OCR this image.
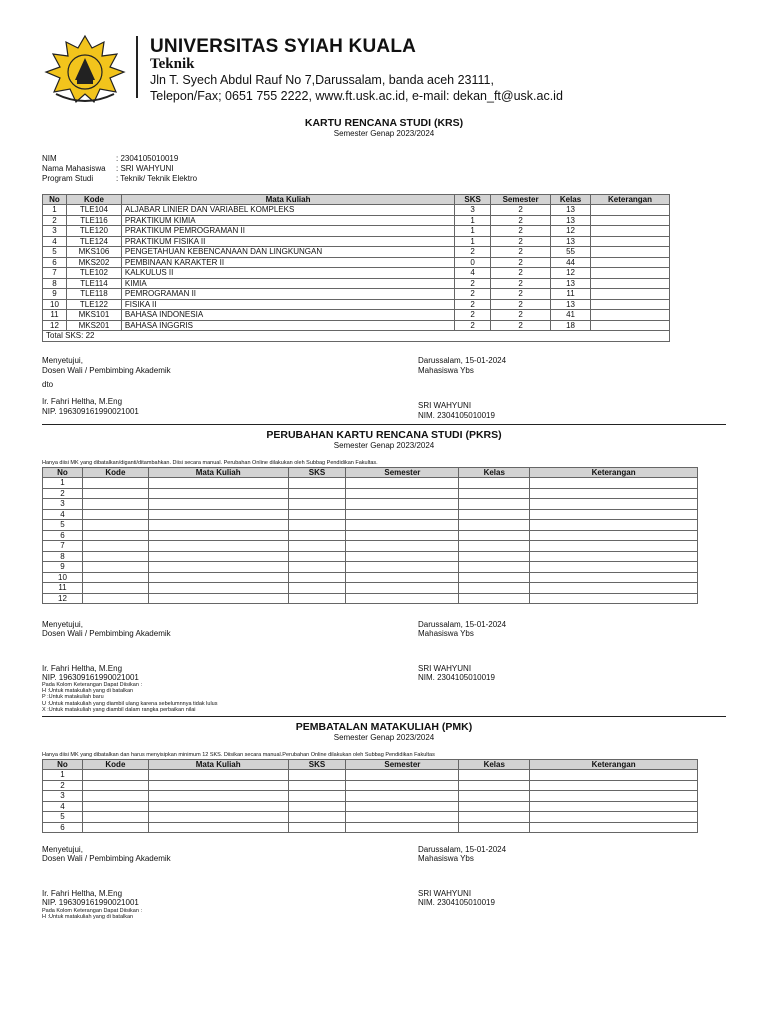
UNIVERSITAS SYIAH KUALA
Teknik
Jln T. Syech Abdul Rauf No 7,Darussalam, banda aceh 23111,
Telepon/Fax; 0651 755 2222, www.ft.usk.ac.id, e-mail: dekan_ft@usk.ac.id
KARTU RENCANA STUDI (KRS)
Semester Genap 2023/2024
NIM	: 2304105010019
Nama Mahasiswa	: SRI WAHYUNI
Program Studi	: Teknik/ Teknik Elektro
No	Kode	Mata Kuliah	SKS	Semester	Kelas	Keterangan
1	TLE104	ALJABAR LINIER DAN VARIABEL KOMPLEKS	3	2	13	
2	TLE116	PRAKTIKUM KIMIA	1	2	13	
3	TLE120	PRAKTIKUM PEMROGRAMAN II	1	2	12	
4	TLE124	PRAKTIKUM FISIKA II	1	2	13	
5	MKS106	PENGETAHUAN KEBENCANAAN DAN LINGKUNGAN	2	2	55	
6	MKS202	PEMBINAAN KARAKTER II	0	2	44	
7	TLE102	KALKULUS II	4	2	12	
8	TLE114	KIMIA	2	2	13	
9	TLE118	PEMROGRAMAN II	2	2	11	
10	TLE122	FISIKA II	2	2	13	
11	MKS101	BAHASA INDONESIA	2	2	41	
12	MKS201	BAHASA INGGRIS	2	2	18	
Total SKS: 22						
Menyetujui,
Dosen Wali / Pembimbing Akademik
dto
Ir. Fahri Heltha, M.Eng
NIP. 196309161990021001
Darussalam, 15-01-2024
Mahasiswa Ybs
SRI WAHYUNI
NIM. 2304105010019
PERUBAHAN KARTU RENCANA STUDI (PKRS)
Semester Genap 2023/2024
Hanya diisi MK yang dibatalkan/diganti/ditambahkan. Diisi secara manual. Perubahan Online dilakukan oleh Subbag Pendidikan Fakultas.
No	Kode	Mata Kuliah	SKS	Semester	Kelas	Keterangan
1						
2						
3						
4						
5						
6						
7						
8						
9						
10						
11						
12						
Menyetujui,
Dosen Wali / Pembimbing Akademik
Ir. Fahri Heltha, M.Eng
NIP. 196309161990021001
Darussalam, 15-01-2024
Mahasiswa Ybs
SRI WAHYUNI
NIM. 2304105010019
Pada Kolom Keterangan Dapat Diisikan :
H :Untuk matakuliah yang di batalkan
P :Untuk matakuliah baru
U :Untuk matakuliah yang diambil ulang karena sebelumnnya tidak lulus
X :Untuk matakuliah yang diambil dalam rangka perbaikan nilai
PEMBATALAN MATAKULIAH (PMK)
Semester Genap 2023/2024
Hanya diisi MK yang dibatalkan dan harus menyisipkan minimum 12 SKS. Diisikan secara manual.Perubahan Online dilakukan oleh Subbag Pendidikan Fakultas
No	Kode	Mata Kuliah	SKS	Semester	Kelas	Keterangan
1						
2						
3						
4						
5						
6						
Menyetujui,
Dosen Wali / Pembimbing Akademik
Ir. Fahri Heltha, M.Eng
NIP. 196309161990021001
Darussalam, 15-01-2024
Mahasiswa Ybs
SRI WAHYUNI
NIM. 2304105010019
Pada Kolom Keterangan Dapat Diisikan :
H :Untuk matakuliah yang di batalkan
